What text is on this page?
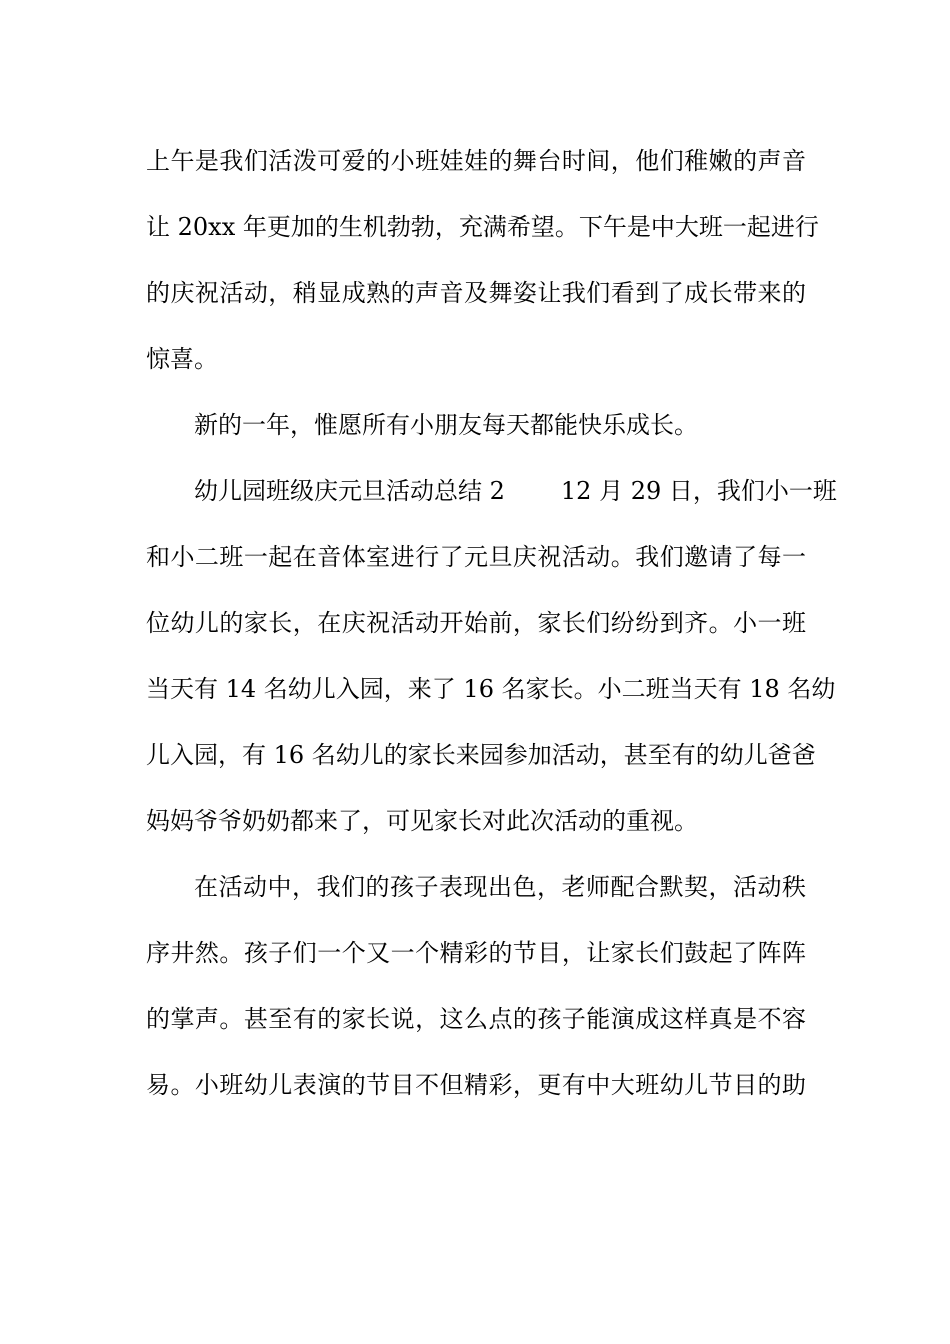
上午是我们活泼可爱的小班娃娃的舞台时间，他们稚嫩的声音
让 20xx 年更加的生机勃勃，充满希望。下午是中大班一起进行
的庆祝活动，稍显成熟的声音及舞姿让我们看到了成长带来的
惊喜。
新的一年，惟愿所有小朋友每天都能快乐成长。
幼儿园班级庆元旦活动总结 2 12 月 29 日，我们小一班
和小二班一起在音体室进行了元旦庆祝活动。我们邀请了每一
位幼儿的家长，在庆祝活动开始前，家长们纷纷到齐。小一班
当天有 14 名幼儿入园，来了 16 名家长。小二班当天有 18 名幼
儿入园，有 16 名幼儿的家长来园参加活动，甚至有的幼儿爸爸
妈妈爷爷奶奶都来了，可见家长对此次活动的重视。
在活动中，我们的孩子表现出色，老师配合默契，活动秩
序井然。孩子们一个又一个精彩的节目，让家长们鼓起了阵阵
的掌声。甚至有的家长说，这么点的孩子能演成这样真是不容
易。小班幼儿表演的节目不但精彩，更有中大班幼儿节目的助
